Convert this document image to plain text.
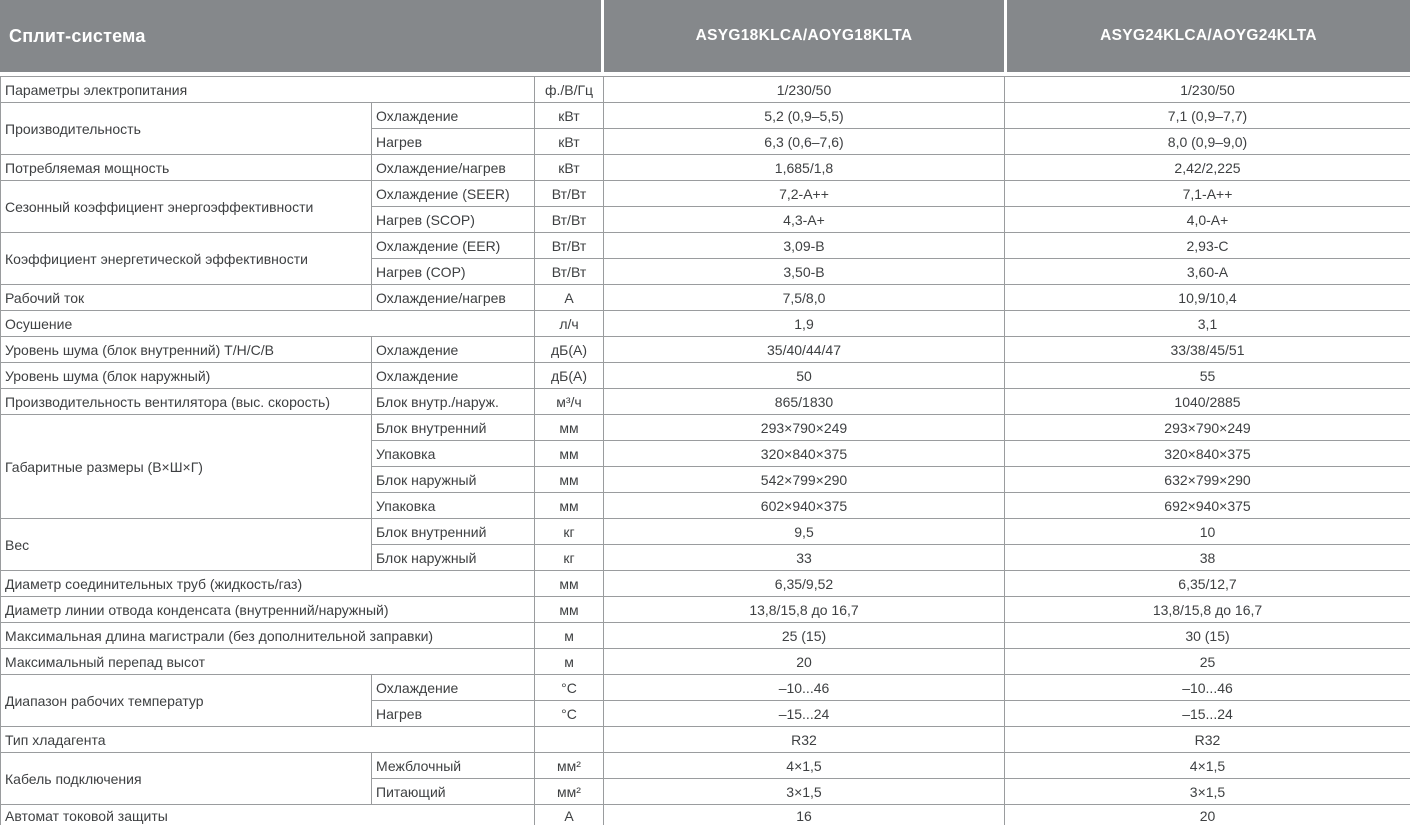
Сплит-система	ASYG18KLCA/AOYG18KLTA	ASYG24KLCA/AOYG24KLTA
Параметры электропитания		ф./В/Гц	1/230/50	1/230/50
Производительность	Охлаждение	кВт	5,2 (0,9–5,5)	7,1 (0,9–7,7)
	Нагрев	кВт	6,3 (0,6–7,6)	8,0 (0,9–9,0)
Потребляемая мощность	Охлаждение/нагрев	кВт	1,685/1,8	2,42/2,225
Сезонный коэффициент энергоэффективности	Охлаждение (SEER)	Вт/Вт	7,2-A++	7,1-A++
	Нагрев (SCOP)	Вт/Вт	4,3-A+	4,0-A+
Коэффициент энергетической эффективности	Охлаждение (EER)	Вт/Вт	3,09-B	2,93-C
	Нагрев (COP)	Вт/Вт	3,50-B	3,60-A
Рабочий ток	Охлаждение/нагрев	А	7,5/8,0	10,9/10,4
Осушение		л/ч	1,9	3,1
Уровень шума (блок внутренний) Т/Н/С/В	Охлаждение	дБ(А)	35/40/44/47	33/38/45/51
Уровень шума (блок наружный)	Охлаждение	дБ(А)	50	55
Производительность вентилятора (выс. скорость)	Блок внутр./наруж.	м³/ч	865/1830	1040/2885
Габаритные размеры (В×Ш×Г)	Блок внутренний	мм	293×790×249	293×790×249
	Упаковка	мм	320×840×375	320×840×375
	Блок наружный	мм	542×799×290	632×799×290
	Упаковка	мм	602×940×375	692×940×375
Вес	Блок внутренний	кг	9,5	10
	Блок наружный	кг	33	38
Диаметр соединительных труб (жидкость/газ)		мм	6,35/9,52	6,35/12,7
Диаметр линии отвода конденсата (внутренний/наружный)		мм	13,8/15,8 до 16,7	13,8/15,8 до 16,7
Максимальная длина магистрали (без дополнительной заправки)		м	25 (15)	30 (15)
Максимальный перепад высот		м	20	25
Диапазон рабочих температур	Охлаждение	°C	–10...46	–10...46
	Нагрев	°C	–15...24	–15...24
Тип хладагента			R32	R32
Кабель подключения	Межблочный	мм²	4×1,5	4×1,5
	Питающий	мм²	3×1,5	3×1,5
Автомат токовой защиты		А	16	20
